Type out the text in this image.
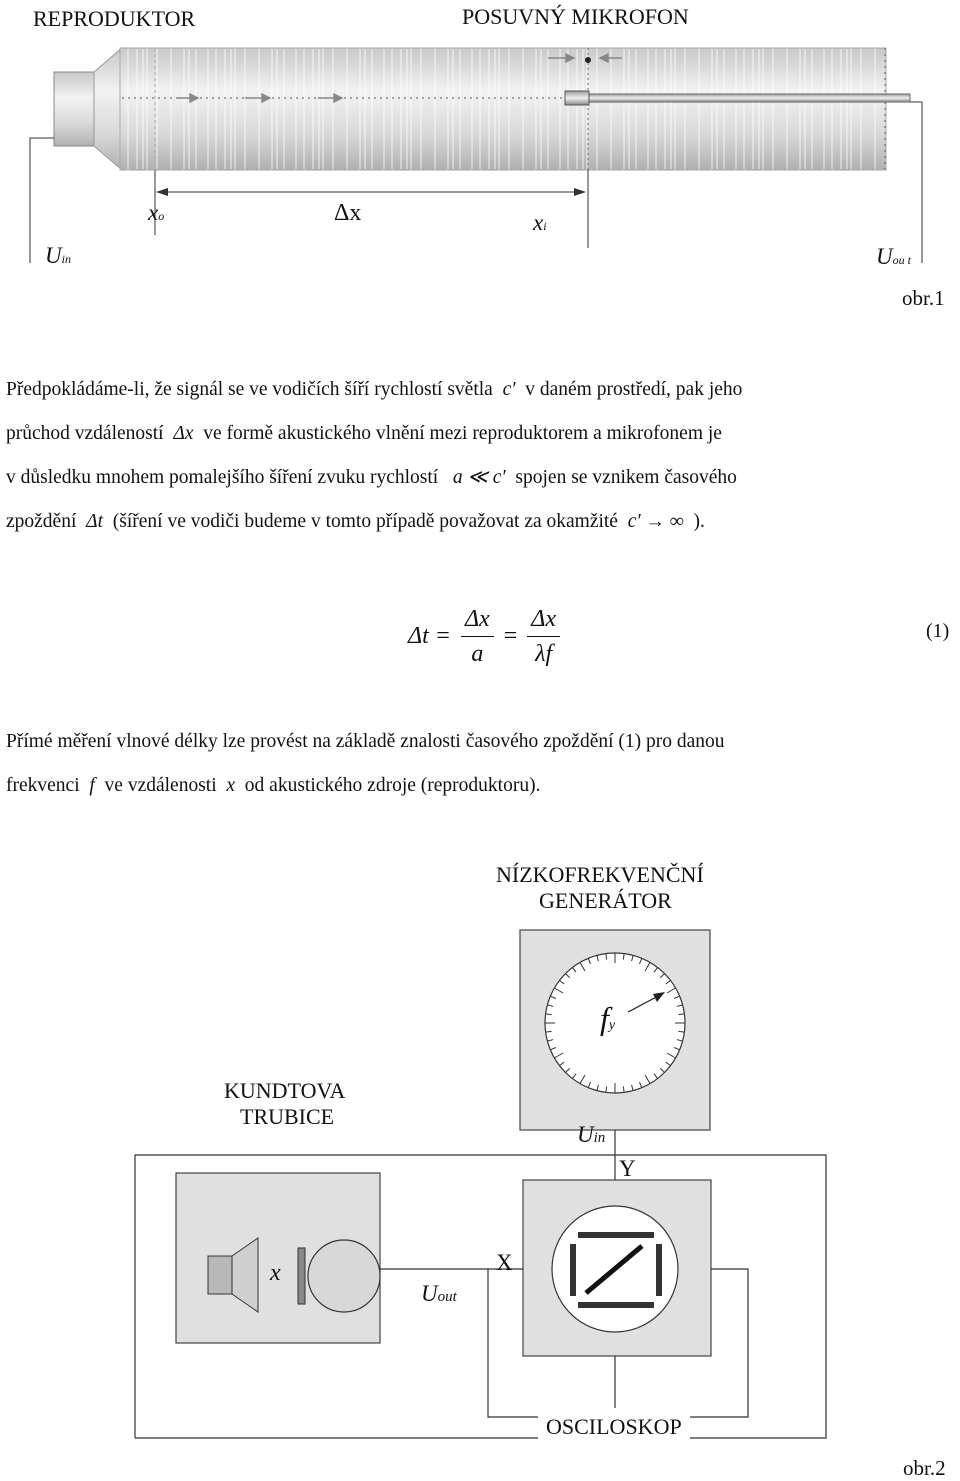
REPRODUKTOR	POSUVNÝ MIKROFON
xo	Δx	xi
Uin	Uou t
obr.1

Předpokládáme-li, že signál se ve vodičích šíří rychlostí světla c′ v daném prostředí, pak jeho

průchod vzdáleností Δx ve formě akustického vlnění mezi reproduktorem a mikrofonem je

v důsledku mnohem pomalejšího šíření zvuku rychlostí a ≪ c′ spojen se vznikem časového

zpoždění Δt (šíření ve vodiči budeme v tomto případě považovat za okamžité c′ → ∞ ).

$\Delta t = \frac{\Delta x}{a} = \frac{\Delta x}{\lambda f}$	(1)

Přímé měření vlnové délky lze provést na základě znalosti časového zpoždění (1) pro danou

frekvenci f ve vzdálenosti x od akustického zdroje (reproduktoru).

NÍZKOFREKVENČNÍ
GENERÁTOR
KUNDTOVA
TRUBICE
fy
x
Uin
Y
X
Uout
OSCILOSKOP
obr.2
